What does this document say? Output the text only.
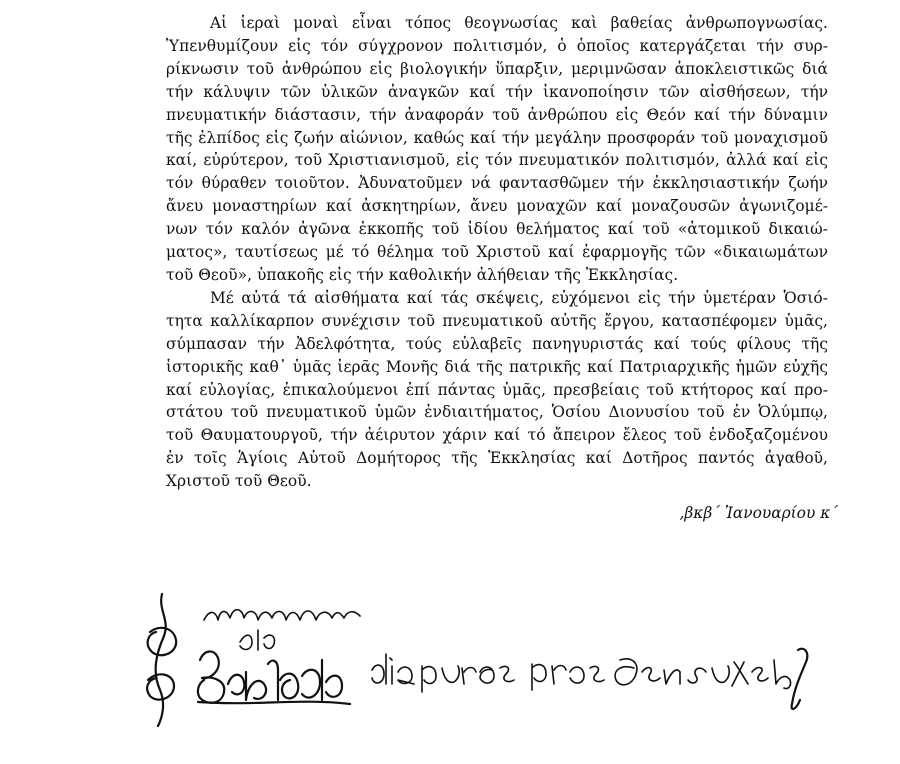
Αἱ ἱεραὶ μοναὶ εἶναι τόπος θεογνωσίας καὶ βαθείας ἀνθρωπογνωσίας.
Ὑπενθυμίζουν εἰς τόν σύγχρονον πολιτισμόν, ὁ ὁποῖος κατεργάζεται τήν συρ-
ρίκνωσιν τοῦ ἀνθρώπου εἰς βιολογικήν ὕπαρξιν, μεριμνῶσαν ἀποκλειστικῶς διά
τήν κάλυψιν τῶν ὑλικῶν ἀναγκῶν καί τήν ἱκανοποίησιν τῶν αἰσθήσεων, τήν
πνευματικήν διάστασιν, τήν ἀναφοράν τοῦ ἀνθρώπου εἰς Θεόν καί τήν δύναμιν
τῆς ἐλπίδος εἰς ζωήν αἰώνιον, καθώς καί τήν μεγάλην προσφοράν τοῦ μοναχισμοῦ
καί, εὐρύτερον, τοῦ Χριστιανισμοῦ, εἰς τόν πνευματικόν πολιτισμόν, ἀλλά καί εἰς
τόν θύραθεν τοιοῦτον. Ἀδυνατοῦμεν νά φαντασθῶμεν τήν ἐκκλησιαστικήν ζωήν
ἄνευ μοναστηρίων καί ἀσκητηρίων, ἄνευ μοναχῶν καί μοναζουσῶν ἀγωνιζομέ-
νων τόν καλόν ἀγῶνα ἐκκοπῆς τοῦ ἰδίου θελήματος καί τοῦ «ἀτομικοῦ δικαιώ-
ματος», ταυτίσεως μέ τό θέλημα τοῦ Χριστοῦ καί ἐφαρμογῆς τῶν «δικαιωμάτων
τοῦ Θεοῦ», ὑπακοῆς εἰς τήν καθολικήν ἀλήθειαν τῆς Ἐκκλησίας.
Μέ αὐτά τά αἰσθήματα καί τάς σκέψεις, εὐχόμενοι εἰς τήν ὑμετέραν Ὁσιό-
τητα καλλίκαρπον συνέχισιν τοῦ πνευματικοῦ αὐτῆς ἔργου, κατασπέφομεν ὑμᾶς,
σύμπασαν τήν Ἀδελφότητα, τούς εὐλαβεῖς πανηγυριστάς καί τούς φίλους τῆς
ἱστορικῆς καθ᾽ ὑμᾶς ἱερᾶς Μονῆς διά τῆς πατρικῆς καί Πατριαρχικῆς ἡμῶν εὐχῆς
καί εὐλογίας, ἐπικαλούμενοι ἐπί πάντας ὑμᾶς, πρεσβείαις τοῦ κτήτορος καί προ-
στάτου τοῦ πνευματικοῦ ὑμῶν ἐνδιαιτήματος, Ὁσίου Διονυσίου τοῦ ἐν Ὀλύμπῳ,
τοῦ Θαυματουργοῦ, τήν ἀέιρυτον χάριν καί τό ἄπειρον ἔλεος τοῦ ἐνδοξαζομένου
ἐν τοῖς Ἁγίοις Αὐτοῦ Δομήτορος τῆς Ἐκκλησίας καί Δοτῆρος παντός ἀγαθοῦ,
Χριστοῦ τοῦ Θεοῦ.
,βκβ΄ Ἰανουαρίου κ΄
